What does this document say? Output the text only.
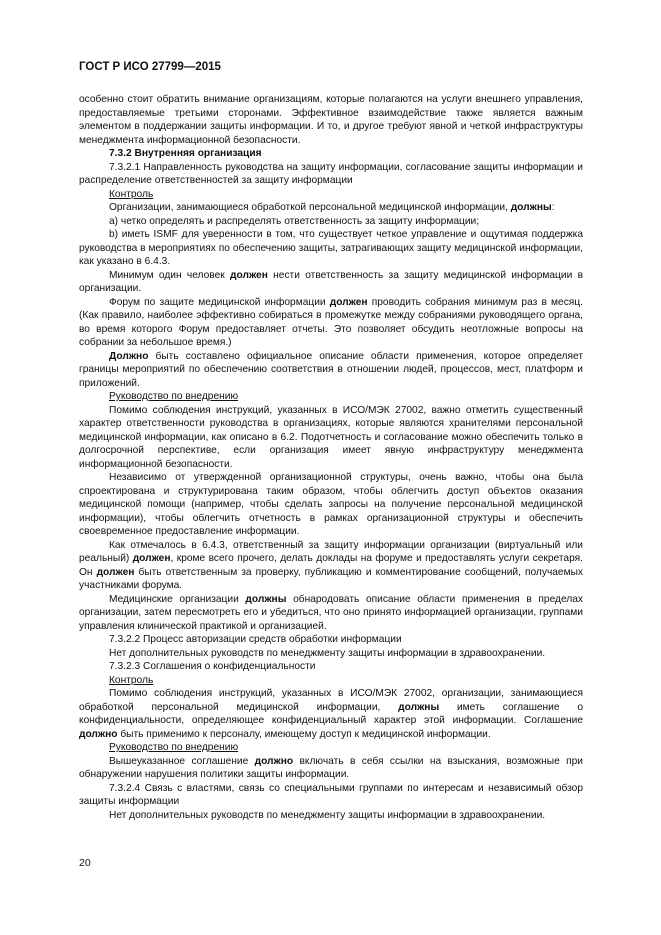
ГОСТ Р ИСО 27799—2015

особенно стоит обратить внимание организациям, которые полагаются на услуги внешнего управления, предоставляемые третьими сторонами. Эффективное взаимодействие также является важным элементом в поддержании защиты информации. И то, и другое требуют явной и четкой инфраструктуры менеджмента информационной безопасности.

7.3.2 Внутренняя организация

7.3.2.1 Направленность руководства на защиту информации, согласование защиты информации и распределение ответственностей за защиту информации

Контроль

Организации, занимающиеся обработкой персональной медицинской информации, должны:

а) четко определять и распределять ответственность за защиту информации;

b) иметь ISMF для уверенности в том, что существует четкое управление и ощутимая поддержка руководства в мероприятиях по обеспечению защиты, затрагивающих защиту медицинской информации, как указано в 6.4.3.

Минимум один человек должен нести ответственность за защиту медицинской информации в организации.

Форум по защите медицинской информации должен проводить собрания минимум раз в месяц. (Как правило, наиболее эффективно собираться в промежутке между собраниями руководящего органа, во время которого Форум предоставляет отчеты. Это позволяет обсудить неотложные вопросы на собрании за небольшое время.)

Должно быть составлено официальное описание области применения, которое определяет границы мероприятий по обеспечению соответствия в отношении людей, процессов, мест, платформ и приложений.

Руководство по внедрению

Помимо соблюдения инструкций, указанных в ИСО/МЭК 27002, важно отметить существенный характер ответственности руководства в организациях, которые являются хранителями персональной медицинской информации, как описано в 6.2. Подотчетность и согласование можно обеспечить только в долгосрочной перспективе, если организация имеет явную инфраструктуру менеджмента информационной безопасности.

Независимо от утвержденной организационной структуры, очень важно, чтобы она была спроектирована и структурирована таким образом, чтобы облегчить доступ объектов оказания медицинской помощи (например, чтобы сделать запросы на получение персональной медицинской информации), чтобы облегчить отчетность в рамках организационной структуры и обеспечить своевременное предоставление информации.

Как отмечалось в 6.4.3, ответственный за защиту информации организации (виртуальный или реальный) должен, кроме всего прочего, делать доклады на форуме и предоставлять услуги секретаря. Он должен быть ответственным за проверку, публикацию и комментирование сообщений, получаемых участниками форума.

Медицинские организации должны обнародовать описание области применения в пределах организации, затем пересмотреть его и убедиться, что оно принято информацией организации, группами управления клинической практикой и организацией.

7.3.2.2 Процесс авторизации средств обработки информации

Нет дополнительных руководств по менеджменту защиты информации в здравоохранении.

7.3.2.3 Соглашения о конфиденциальности

Контроль

Помимо соблюдения инструкций, указанных в ИСО/МЭК 27002, организации, занимающиеся обработкой персональной медицинской информации, должны иметь соглашение о конфиденциальности, определяющее конфиденциальный характер этой информации. Соглашение должно быть применимо к персоналу, имеющему доступ к медицинской информации.

Руководство по внедрению

Вышеуказанное соглашение должно включать в себя ссылки на взыскания, возможные при обнаружении нарушения политики защиты информации.

7.3.2.4 Связь с властями, связь со специальными группами по интересам и независимый обзор защиты информации

Нет дополнительных руководств по менеджменту защиты информации в здравоохранении.

20
